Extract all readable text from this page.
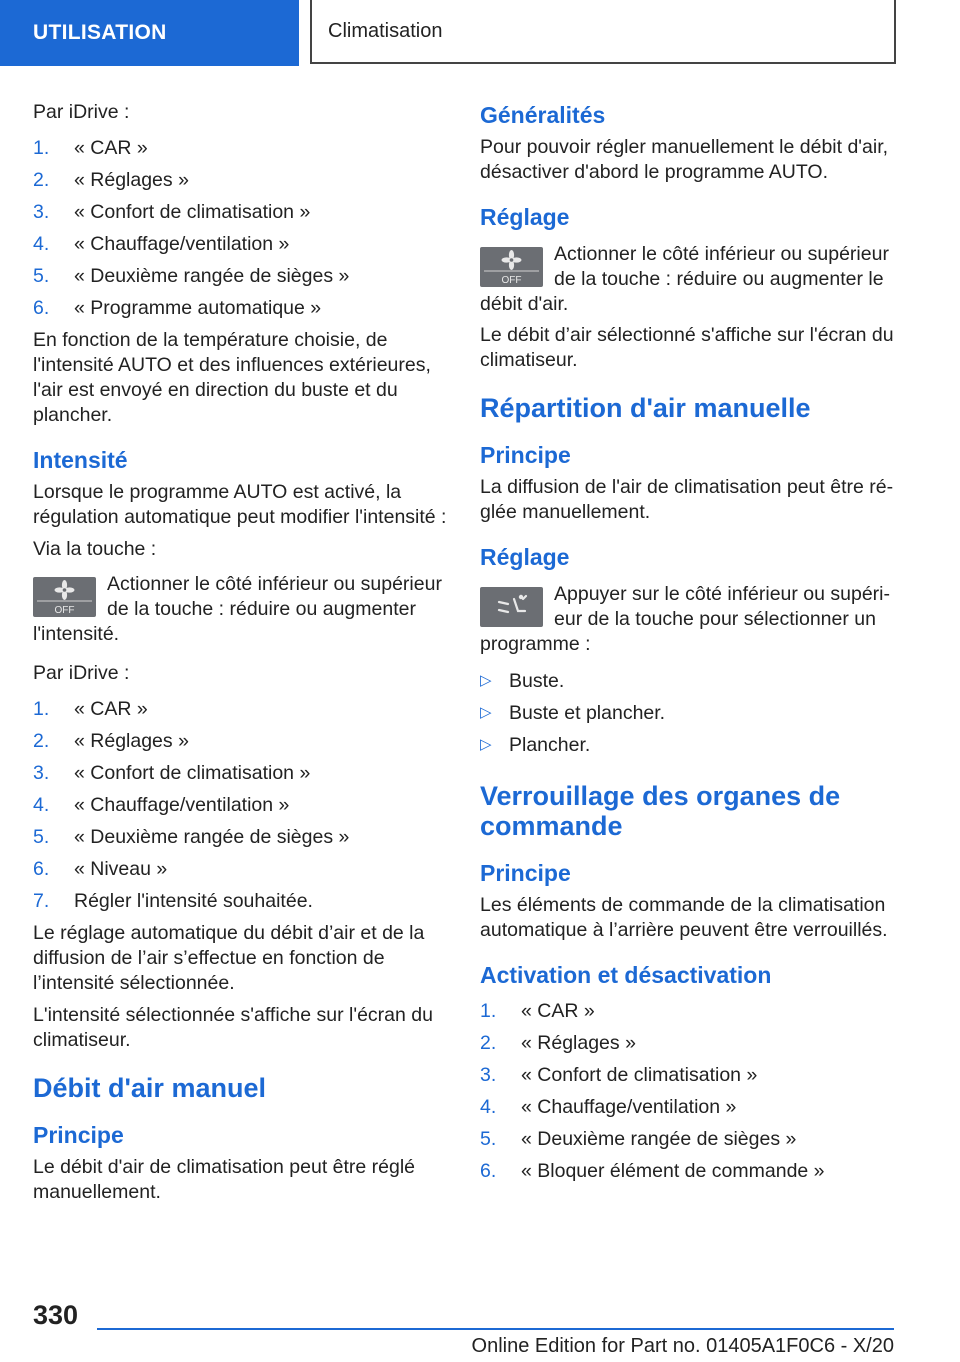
UTILISATION	Climatisation

Par iDrive :

1. « CAR »
2. « Réglages »
3. « Confort de climatisation »
4. « Chauffage/ventilation »
5. « Deuxième rangée de sièges »
6. « Programme automatique »

En fonction de la température choisie, de l'intensité AUTO et des influences extérieures, l'air est envoyé en direction du buste et du plancher.

Intensité

Lorsque le programme AUTO est activé, la régulation automatique peut modifier l'intensité :

Via la touche :

OFF
Actionner le côté inférieur ou supérieur de la touche : réduire ou augmenter l'intensité.

Par iDrive :

1. « CAR »
2. « Réglages »
3. « Confort de climatisation »
4. « Chauffage/ventilation »
5. « Deuxième rangée de sièges »
6. « Niveau »
7. Régler l'intensité souhaitée.

Le réglage automatique du débit d’air et de la diffusion de l’air s’effectue en fonction de l’intensité sélectionnée.

L'intensité sélectionnée s'affiche sur l'écran du climatiseur.

Débit d'air manuel
Principe

Le débit d'air de climatisation peut être réglé manuellement.

Généralités

Pour pouvoir régler manuellement le débit d'air, désactiver d'abord le programme AUTO.

Réglage
OFF
Actionner le côté inférieur ou supérieur de la touche : réduire ou augmenter le débit d'air.

Le débit d’air sélectionné s'affiche sur l'écran du climatiseur.

Répartition d'air manuelle
Principe

La diffusion de l'air de climatisation peut être réglée manuellement.

Réglage
Appuyer sur le côté inférieur ou supérieur de la touche pour sélectionner un programme :
▷ Buste.
▷ Buste et plancher.
▷ Plancher.
Verrouillage des organes de commande
Principe

Les éléments de commande de la climatisation automatique à l’arrière peuvent être verrouillés.

Activation et désactivation
1. « CAR »
2. « Réglages »
3. « Confort de climatisation »
4. « Chauffage/ventilation »
5. « Deuxième rangée de sièges »
6. « Bloquer élément de commande »
330
Online Edition for Part no. 01405A1F0C6 - X/20
